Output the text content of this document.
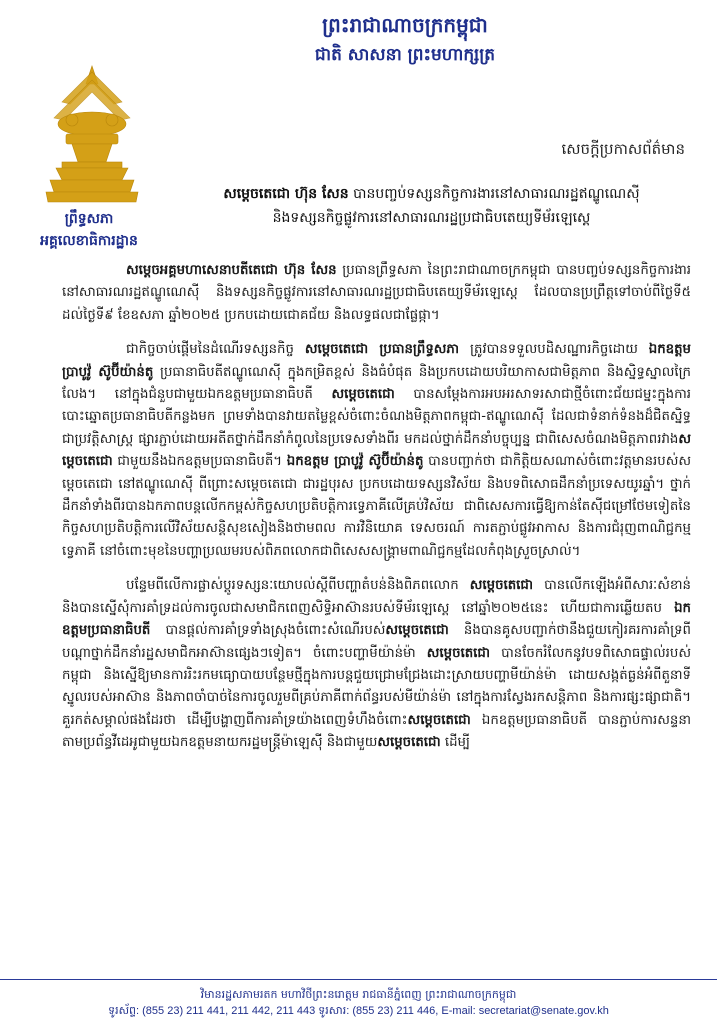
ព្រះរាជាណាចក្រកម្ពុជា
ជាតិ សាសនា ព្រះមហាក្សត្រ
ព្រឹទ្ធសភា
អគ្គលេខាធិការដ្ឋាន
សេចក្តីប្រកាសព័ត៌មាន
សម្តេចតេជោ ហ៊ុន សែន បានបញ្ចប់ទស្សនកិច្ចការងារនៅសាធារណរដ្ឋឥណ្ឌូណេស៊ី
និងទស្សនកិច្ចផ្លូវការនៅសាធារណរដ្ឋប្រជាធិបតេយ្យទីម័រឡេស្តេ

សម្តេចអគ្គមហាសេនាបតីតេជោ ហ៊ុន សែន ប្រធានព្រឹទ្ធសភា នៃព្រះរាជាណាចក្រកម្ពុជា បានបញ្ចប់ទស្សនកិច្ចការងារនៅសាធារណរដ្ឋឥណ្ឌូណេស៊ី និងទស្សនកិច្ចផ្លូវការនៅសាធារណរដ្ឋប្រជាធិបតេយ្យទីម័រឡេស្តេ ដែលបានប្រព្រឹត្តទៅចាប់ពីថ្ងៃទី៥ ដល់ថ្ងៃទី៩ ខែឧសភា ឆ្នាំ២០២៥ ប្រកបដោយជោគជ័យ និងលទ្ធផលជាផ្លែផ្កា។

ជាកិច្ចចាប់ផ្តើមនៃដំណើរទស្សនកិច្ច សម្តេចតេជោ ប្រធានព្រឹទ្ធសភា ត្រូវបានទទួលបដិសណ្ឋារកិច្ចដោយ ឯកឧត្តម ប្រាបូវ៉ូ ស៊ូប៊ីយ៉ាន់តូ ប្រធានាធិបតីឥណ្ឌូណេស៊ី ក្នុងកម្រិតខ្ពស់ និងធំបំផុត និងប្រកបដោយបរិយាកាសជាមិត្តភាព និងស្និទ្ធស្នាលក្រៃលែង។ នៅក្នុងជំនួបជាមួយឯកឧត្តមប្រធានាធិបតី សម្តេចតេជោ បានសម្តែងការអបអរសាទរសាជាថ្មីចំពោះជ័យជម្នះក្នុងការបោះឆ្នោតប្រធានាធិបតីកន្លងមក ព្រមទាំងបានវាយតម្លៃខ្ពស់ចំពោះចំណងមិត្តភាពកម្ពុជា-ឥណ្ឌូណេស៊ី ដែលជាទំនាក់ទំនងដ៏ជិតស្និទ្ធជាប្រវត្តិសាស្ត្រ ផ្សារភ្ជាប់ដោយអតីតថ្នាក់ដឹកនាំកំពូលនៃប្រទេសទាំងពីរ មកដល់ថ្នាក់ដឹកនាំបច្ចុប្បន្ន ជាពិសេសចំណងមិត្តភាពរវាងសម្តេចតេជោ ជាមួយនឹងឯកឧត្តមប្រធានាធិបតី។ ឯកឧត្តម ប្រាបូវ៉ូ ស៊ូប៊ីយ៉ាន់តូ បានបញ្ជាក់ថា ជាកិត្តិយសណាស់ចំពោះវត្តមានរបស់សម្តេចតេជោ នៅឥណ្ឌូណេស៊ី ពីព្រោះសម្តេចតេជោ ជារដ្ឋបុរស ប្រកបដោយទស្សនវិស័យ និងបទពិសោធដឹកនាំប្រទេសយូរឆ្នាំ។ ថ្នាក់ដឹកនាំទាំងពីរបានឯកភាពបន្តលើកកម្ពស់កិច្ចសហប្រតិបត្តិការទ្វេភាគីលើគ្រប់វិស័យ ជាពិសេសការធ្វើឱ្យកាន់តែស៊ីជម្រៅថែមទៀតនៃកិច្ចសហប្រតិបត្តិការលើវិស័យសន្តិសុខសៀងនិងថាមពល ការវិនិយោគ ទេសចរណ៍ ការតភ្ជាប់ផ្លូវអាកាស និងការជំរុញពាណិជ្ជកម្មទ្វេភាគី នៅចំពោះមុខនៃបញ្ហាប្រឈមរបស់ពិភពលោកជាពិសេសសង្គ្រាមពាណិជ្ជកម្មដែលកំពុងស្រួចស្រាល់។

បន្ទែមពីលើការផ្លាស់ប្តូរទស្សនៈយោបល់ស្តីពីបញ្ហាតំបន់និងពិភពលោក សម្តេចតេជោ បានលើកឡើងអំពីសារៈសំខាន់ និងបានស្នើសុំការគាំទ្រដល់ការចូលជាសមាជិកពេញសិទ្ធិអាស៊ានរបស់ទីម័រឡេស្តេ នៅឆ្នាំ២០២៥នេះ ហើយជាការឆ្លើយតប ឯកឧត្តមប្រធានាធិបតី បានផ្តល់ការគាំទ្រទាំងស្រុងចំពោះសំណើរបស់សម្តេចតេជោ និងបានគូសបញ្ជាក់ថានឹងជួយកៀរគរការគាំទ្រពីបណ្តាថ្នាក់ដឹកនាំរដ្ឋសមាជិកអាស៊ានផ្សេងៗទៀត។ ចំពោះបញ្ហាមីយ៉ាន់ម៉ា សម្តេចតេជោ បានចែករំលែកនូវបទពិសោធផ្ទាល់របស់កម្ពុជា និងស្នើឱ្យមានការរិះរកមធ្យោបាយបន្ថែមថ្មីក្នុងការបន្តជួយជ្រោមជ្រែងដោះស្រាយបញ្ហាមីយ៉ាន់ម៉ា ដោយសង្កត់ធ្ងន់អំពីតួនាទីស្នូលរបស់អាស៊ាន និងភាពចាំបាច់នៃការចូលរួមពីគ្រប់ភាគីពាក់ព័ន្ធរបស់មីយ៉ាន់ម៉ា នៅក្នុងការស្វែងរកសន្តិភាព និងការផ្សះផ្សាជាតិ។ គួរកត់សម្គាល់ផងដែរថា ដើម្បីបង្ហាញពីការគាំទ្រយ៉ាងពេញទំហឹងចំពោះសម្តេចតេជោ ឯកឧត្តមប្រធានាធិបតី បានភ្ជាប់ការសន្ទនាតាមប្រព័ន្ធវីដេអូជាមួយឯកឧត្តមនាយករដ្ឋមន្ត្រីម៉ាឡេស៊ី និងជាមួយសម្តេចតេជោ ដើម្បី

វិមានរដ្ឋសភាមរតក មហាវិថីព្រះនរោត្តម រាជធានីភ្នំពេញ ព្រះរាជាណាចក្រកម្ពុជា
ទូរស័ព្ទ: (855 23) 211 441, 211 442, 211 443 ទូរសារ: (855 23) 211 446, E-mail: secretariat@senate.gov.kh
